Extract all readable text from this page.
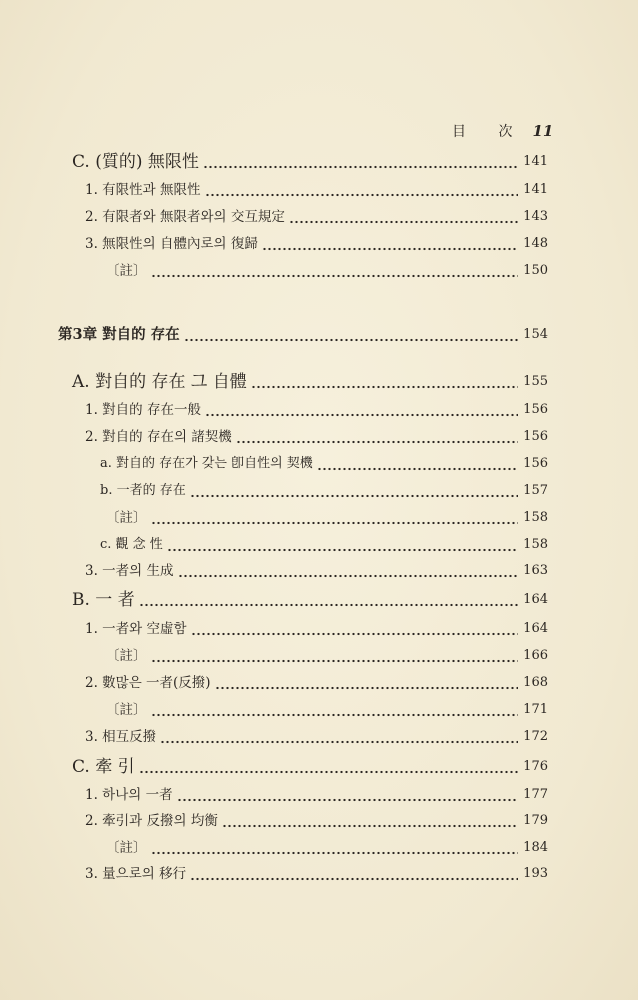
目 次 11
C. (質的) 無限性	141
1. 有限性과 無限性	141
2. 有限者와 無限者와의 交互規定	143
3. 無限性의 自體內로의 復歸	148
〔註〕	150
第3章 對自的 存在	154
A. 對自的 存在 그 自體	155
1. 對自的 存在一般	156
2. 對自的 存在의 諸契機	156
a. 對自的 存在가 갖는 卽自性의 契機	156
b. 一者的 存在	157
〔註〕	158
c. 觀 念 性	158
3. 一者의 生成	163
B. 一 者	164
1. 一者와 空虛함	164
〔註〕	166
2. 數많은 一者(反撥)	168
〔註〕	171
3. 相互反撥	172
C. 牽 引	176
1. 하나의 一者	177
2. 牽引과 反撥의 均衡	179
〔註〕	184
3. 量으로의 移行	193
